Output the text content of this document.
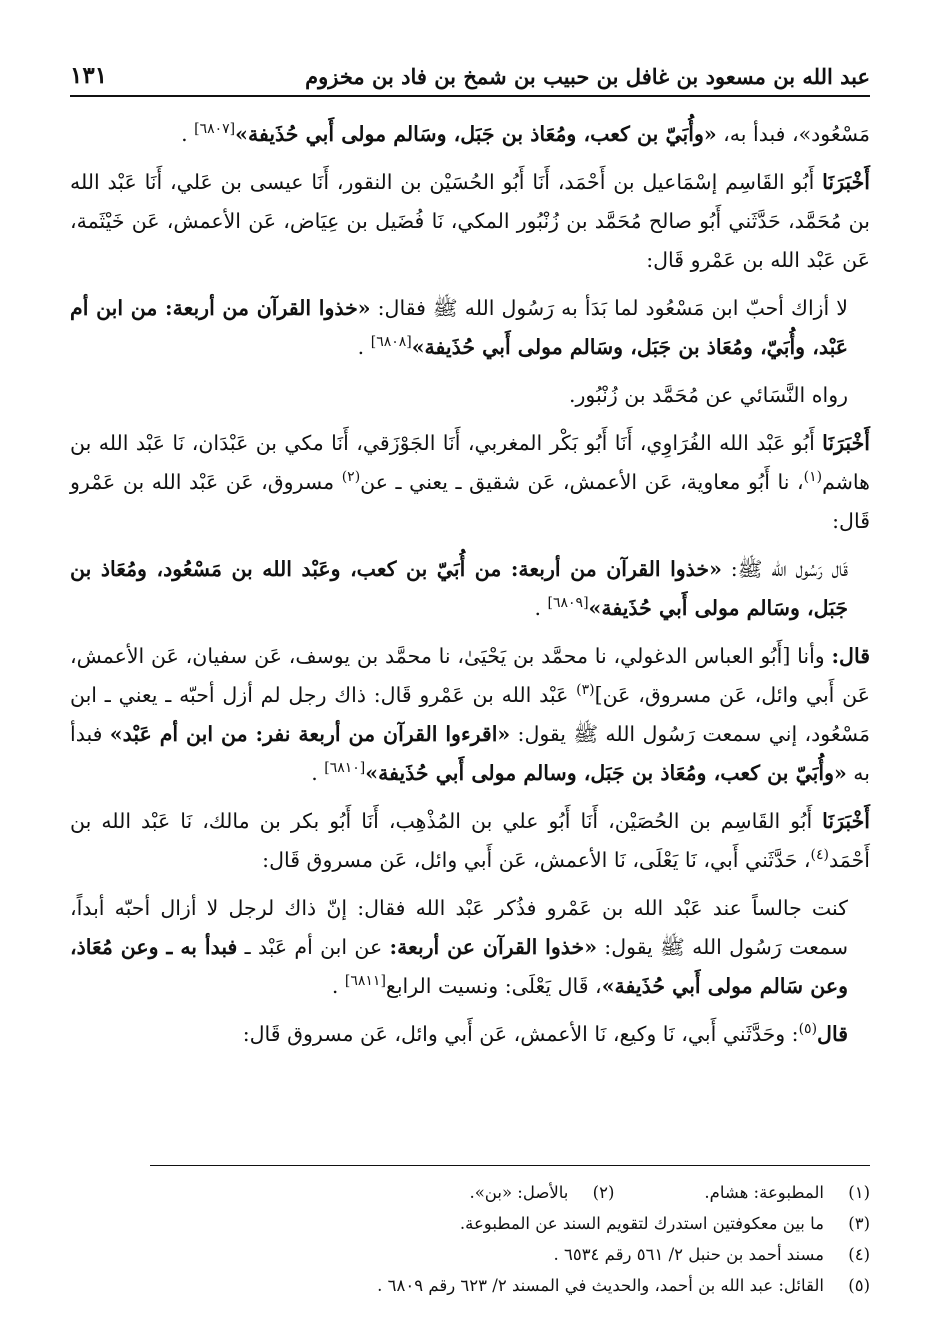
عبد الله بن مسعود بن غافل بن حبيب بن شمخ بن فاد بن مخزوم
١٣١

مَسْعُود»، فبدأ به، «وأُبَيّ بن كعب، ومُعَاذ بن جَبَل، وسَالم مولى أَبي حُذَيفة»[٦٨٠٧] .

أَخْبَرَنَا أَبُو القَاسِم إسْمَاعيل بن أَحْمَد، أَنَا أَبُو الحُسَيْن بن النقور، أَنَا عيسى بن عَلي، أَنَا عَبْد الله بن مُحَمَّد، حَدَّثَني أَبُو صالح مُحَمَّد بن زُنْبُور المكي، نَا فُضَيل بن عِيَاض، عَن الأعمش، عَن خَيْثَمة، عَن عَبْد الله بن عَمْرو قَال:

لا أزاك أحبّ ابن مَسْعُود لما بَدَأ به رَسُول الله ﷺ فقال: «خذوا القرآن من أربعة: من ابن أم عَبْد، وأُبَيّ، ومُعَاذ بن جَبَل، وسَالم مولى أَبي حُذَيفة»[٦٨٠٨] .

رواه النَّسَائي عن مُحَمَّد بن زُنْبُور.

أَخْبَرَنَا أَبُو عَبْد الله الفُرَاوِي، أَنَا أَبُو بَكْر المغربي، أَنَا الجَوْزَقي، أَنَا مكي بن عَبْدَان، نَا عَبْد الله بن هاشم$^{(١)}$، نا أَبُو معاوية، عَن الأعمش، عَن شقيق ـ يعني ـ عن$^{(٢)}$ مسروق، عَن عَبْد الله بن عَمْرو قَال:

قَال رَسُول الله ﷺ: «خذوا القرآن من أربعة: من أُبَيّ بن كعب، وعَبْد الله بن مَسْعُود، ومُعَاذ بن جَبَل، وسَالم مولى أَبي حُذَيفة»[٦٨٠٩] .

قال: وأنا [أَبُو العباس الدغولي، نا محمَّد بن يَحْيَىٰ، نا محمَّد بن يوسف، عَن سفيان، عَن الأعمش، عَن أَبي وائل، عَن مسروق، عَن]$^{(٣)}$ عَبْد الله بن عَمْرو قَال: ذاك رجل لم أزل أحبّه ـ يعني ـ ابن مَسْعُود، إني سمعت رَسُول الله ﷺ يقول: «اقرءوا القرآن من أربعة نفر: من ابن أم عَبْد» فبدأ به «وأُبَيّ بن كعب، ومُعَاذ بن جَبَل، وسالم مولى أَبي حُذَيفة»[٦٨١٠] .

أَخْبَرَنَا أَبُو القَاسِم بن الحُصَيْن، أَنَا أَبُو علي بن المُذْهِب، أَنَا أَبُو بكر بن مالك، نَا عَبْد الله بن أَحْمَد$^{(٤)}$، حَدَّثَني أَبي، نَا يَعْلَى، نَا الأعمش، عَن أَبي وائل، عَن مسروق قَال:

كنت جالساً عند عَبْد الله بن عَمْرو فذُكر عَبْد الله فقال: إنّ ذاك لرجل لا أزال أحبّه أبداً، سمعت رَسُول الله ﷺ يقول: «خذوا القرآن عن أربعة: عن ابن أم عَبْد ـ فبدأ به ـ وعن مُعَاذ، وعن سَالم مولى أَبي حُذَيفة»، قَال يَعْلَى: ونسيت الرابع[٦٨١١] .

قال$^{(٥)}$: وحَدَّثَني أَبي، نَا وكيع، نَا الأعمش، عَن أَبي وائل، عَن مسروق قَال:

(١)
المطبوعة: هشام.
(٢)
بالأصل: «بن».
(٣)
ما بين معكوفتين استدرك لتقويم السند عن المطبوعة.
(٤)
مسند أحمد بن حنبل ٢/ ٥٦١ رقم ٦٥٣٤ .
(٥)
القائل: عبد الله بن أحمد، والحديث في المسند ٢/ ٦٢٣ رقم ٦٨٠٩ .
